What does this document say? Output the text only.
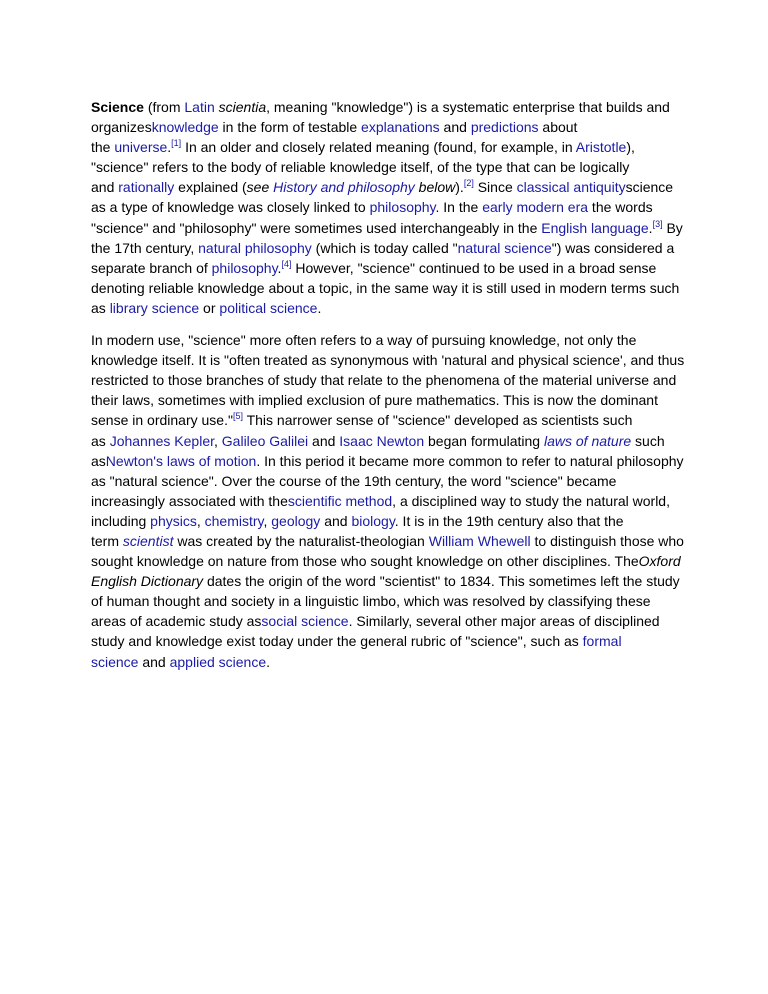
Science (from Latin scientia, meaning "knowledge") is a systematic enterprise that builds and
organizesknowledge in the form of testable explanations and predictions about
the universe.[1] In an older and closely related meaning (found, for example, in Aristotle),
"science" refers to the body of reliable knowledge itself, of the type that can be logically
and rationally explained (see History and philosophy below).[2] Since classical antiquityscience
as a type of knowledge was closely linked to philosophy. In the early modern era the words
"science" and "philosophy" were sometimes used interchangeably in the English language.[3] By
the 17th century, natural philosophy (which is today called "natural science") was considered a
separate branch of philosophy.[4] However, "science" continued to be used in a broad sense
denoting reliable knowledge about a topic, in the same way it is still used in modern terms such
as library science or political science.

In modern use, "science" more often refers to a way of pursuing knowledge, not only the
knowledge itself. It is "often treated as synonymous with 'natural and physical science', and thus
restricted to those branches of study that relate to the phenomena of the material universe and
their laws, sometimes with implied exclusion of pure mathematics. This is now the dominant
sense in ordinary use."[5] This narrower sense of "science" developed as scientists such
as Johannes Kepler, Galileo Galilei and Isaac Newton began formulating laws of nature such
asNewton's laws of motion. In this period it became more common to refer to natural philosophy
as "natural science". Over the course of the 19th century, the word "science" became
increasingly associated with thescientific method, a disciplined way to study the natural world,
including physics, chemistry, geology and biology. It is in the 19th century also that the
term scientist was created by the naturalist-theologian William Whewell to distinguish those who
sought knowledge on nature from those who sought knowledge on other disciplines. TheOxford
English Dictionary dates the origin of the word "scientist" to 1834. This sometimes left the study
of human thought and society in a linguistic limbo, which was resolved by classifying these
areas of academic study associal science. Similarly, several other major areas of disciplined
study and knowledge exist today under the general rubric of "science", such as formal
science and applied science.
